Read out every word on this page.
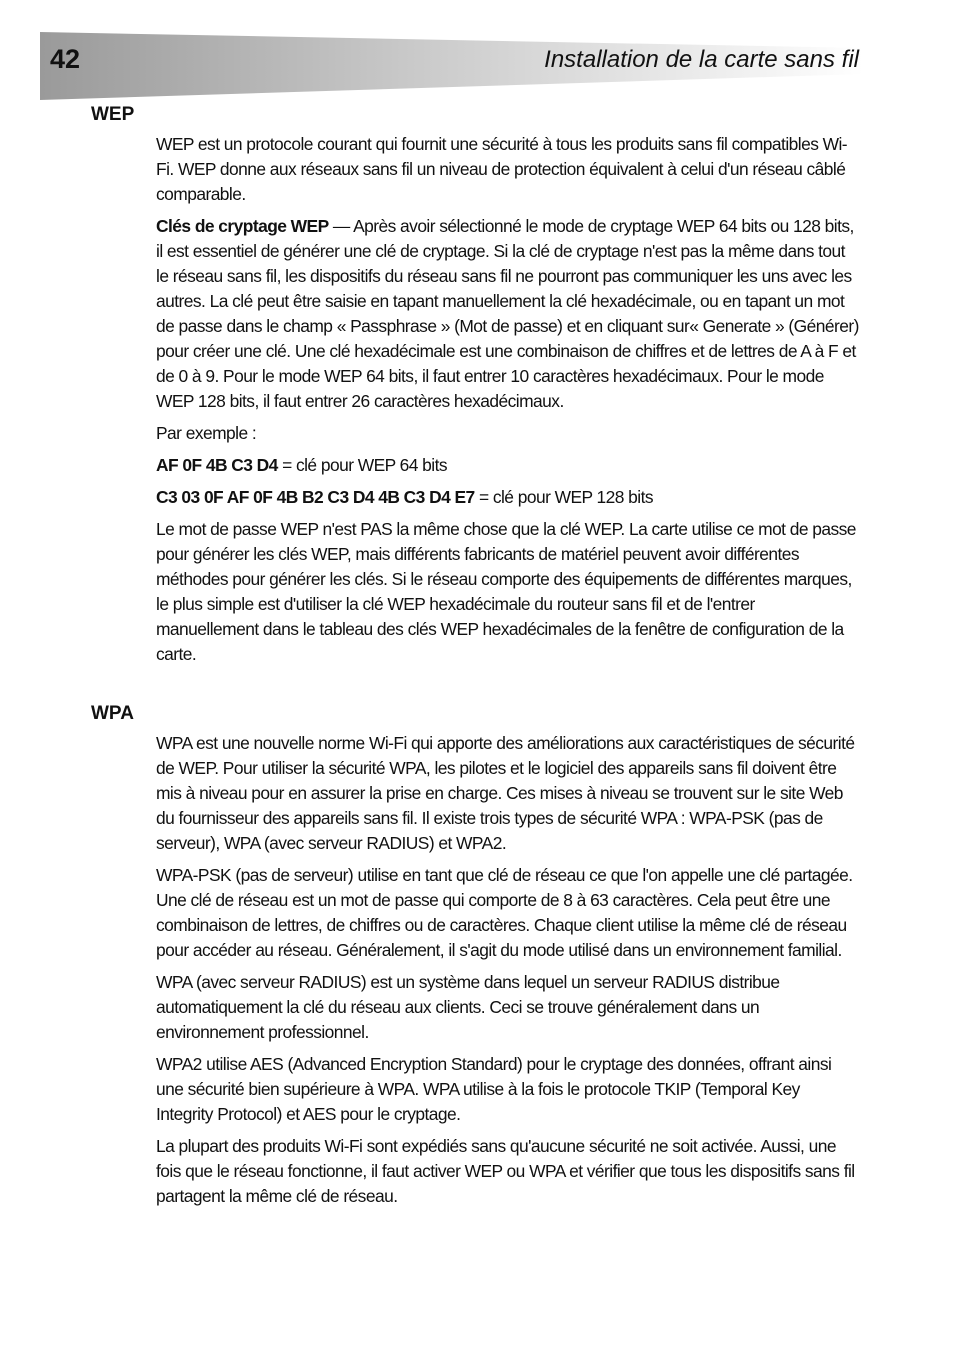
42	Installation de la carte sans fil
WEP

WEP est un protocole courant qui fournit une sécurité à tous les produits sans fil compatibles Wi-Fi. WEP donne aux réseaux sans fil un niveau de protection équivalent à celui d'un réseau câblé comparable.

Clés de cryptage WEP — Après avoir sélectionné le mode de cryptage WEP 64 bits ou 128 bits, il est essentiel de générer une clé de cryptage. Si la clé de cryptage n'est pas la même dans tout le réseau sans fil, les dispositifs du réseau sans fil ne pourront pas communiquer les uns avec les autres. La clé peut être saisie en tapant manuellement la clé hexadécimale, ou en tapant un mot de passe dans le champ « Passphrase » (Mot de passe) et en cliquant sur« Generate » (Générer) pour créer une clé. Une clé hexadécimale est une combinaison de chiffres et de lettres de A à F et de 0 à 9. Pour le mode WEP 64 bits, il faut entrer 10 caractères hexadécimaux. Pour le mode WEP 128 bits, il faut entrer 26 caractères hexadécimaux.

Par exemple :

AF 0F 4B C3 D4 = clé pour WEP 64 bits

C3 03 0F AF 0F 4B B2 C3 D4 4B C3 D4 E7 = clé pour WEP 128 bits

Le mot de passe WEP n'est PAS la même chose que la clé WEP. La carte utilise ce mot de passe pour générer les clés WEP, mais différents fabricants de matériel peuvent avoir différentes méthodes pour générer les clés. Si le réseau comporte des équipements de différentes marques, le plus simple est d'utiliser la clé WEP hexadécimale du routeur sans fil et de l'entrer manuellement dans le tableau des clés WEP hexadécimales de la fenêtre de configuration de la carte.

WPA

WPA est une nouvelle norme Wi-Fi qui apporte des améliorations aux caractéristiques de sécurité de WEP. Pour utiliser la sécurité WPA, les pilotes et le logiciel des appareils sans fil doivent être mis à niveau pour en assurer la prise en charge. Ces mises à niveau se trouvent sur le site Web du fournisseur des appareils sans fil. Il existe trois types de sécurité WPA : WPA-PSK (pas de serveur), WPA (avec serveur RADIUS) et WPA2.

WPA-PSK (pas de serveur) utilise en tant que clé de réseau ce que l'on appelle une clé partagée. Une clé de réseau est un mot de passe qui comporte de 8 à 63 caractères. Cela peut être une combinaison de lettres, de chiffres ou de caractères. Chaque client utilise la même clé de réseau pour accéder au réseau. Généralement, il s'agit du mode utilisé dans un environnement familial.

WPA (avec serveur RADIUS) est un système dans lequel un serveur RADIUS distribue automatiquement la clé du réseau aux clients. Ceci se trouve généralement dans un environnement professionnel.

WPA2 utilise AES (Advanced Encryption Standard) pour le cryptage des données, offrant ainsi une sécurité bien supérieure à WPA. WPA utilise à la fois le protocole TKIP (Temporal Key Integrity Protocol) et AES pour le cryptage.

La plupart des produits Wi-Fi sont expédiés sans qu'aucune sécurité ne soit activée. Aussi, une fois que le réseau fonctionne, il faut activer WEP ou WPA et vérifier que tous les dispositifs sans fil partagent la même clé de réseau.
